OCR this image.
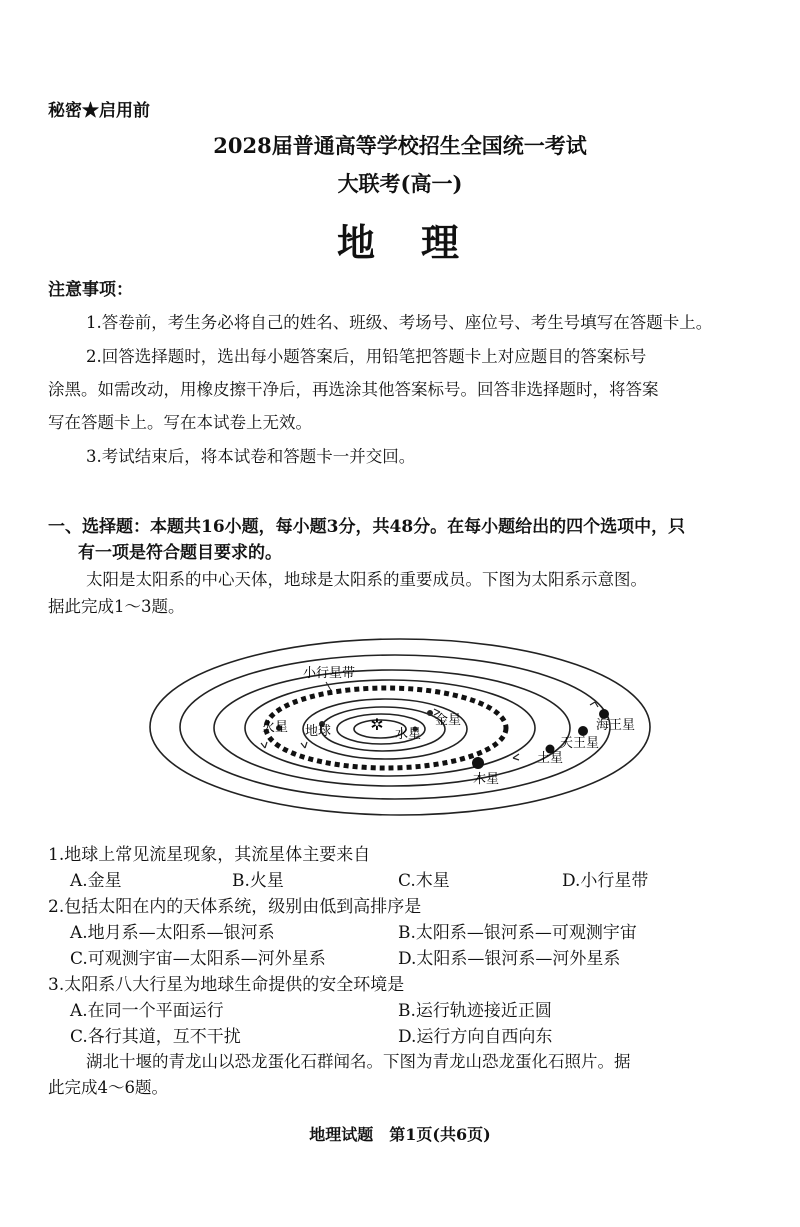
秘密★启用前
2028届普通高等学校招生全国统一考试
大联考(高一)
地　理
注意事项：
1.答卷前，考生务必将自己的姓名、班级、考场号、座位号、考生号填写在答题卡上。
2.回答选择题时，选出每小题答案后，用铅笔把答题卡上对应题目的答案标号
涂黑。如需改动，用橡皮擦干净后，再选涂其他答案标号。回答非选择题时，将答案
写在答题卡上。写在本试卷上无效。
3.考试结束后，将本试卷和答题卡一并交回。
一、选择题：本题共16小题，每小题3分，共48分。在每小题给出的四个选项中，只
有一项是符合题目要求的。
太阳是太阳系的中心天体，地球是太阳系的重要成员。下图为太阳系示意图。
据此完成1～3题。
✲
小行星带
火星 地球	水星
金星
木星
土星
天王星
海王星
1.地球上常见流星现象，其流星体主要来自
A.金星	B.火星	C.木星	D.小行星带
2.包括太阳在内的天体系统，级别由低到高排序是
A.地月系—太阳系—银河系	B.太阳系—银河系—可观测宇宙
C.可观测宇宙—太阳系—河外星系	D.太阳系—银河系—河外星系
3.太阳系八大行星为地球生命提供的安全环境是
A.在同一个平面运行	B.运行轨迹接近正圆
C.各行其道，互不干扰	D.运行方向自西向东
湖北十堰的青龙山以恐龙蛋化石群闻名。下图为青龙山恐龙蛋化石照片。据
此完成4～6题。
地理试题　第1页(共6页)
